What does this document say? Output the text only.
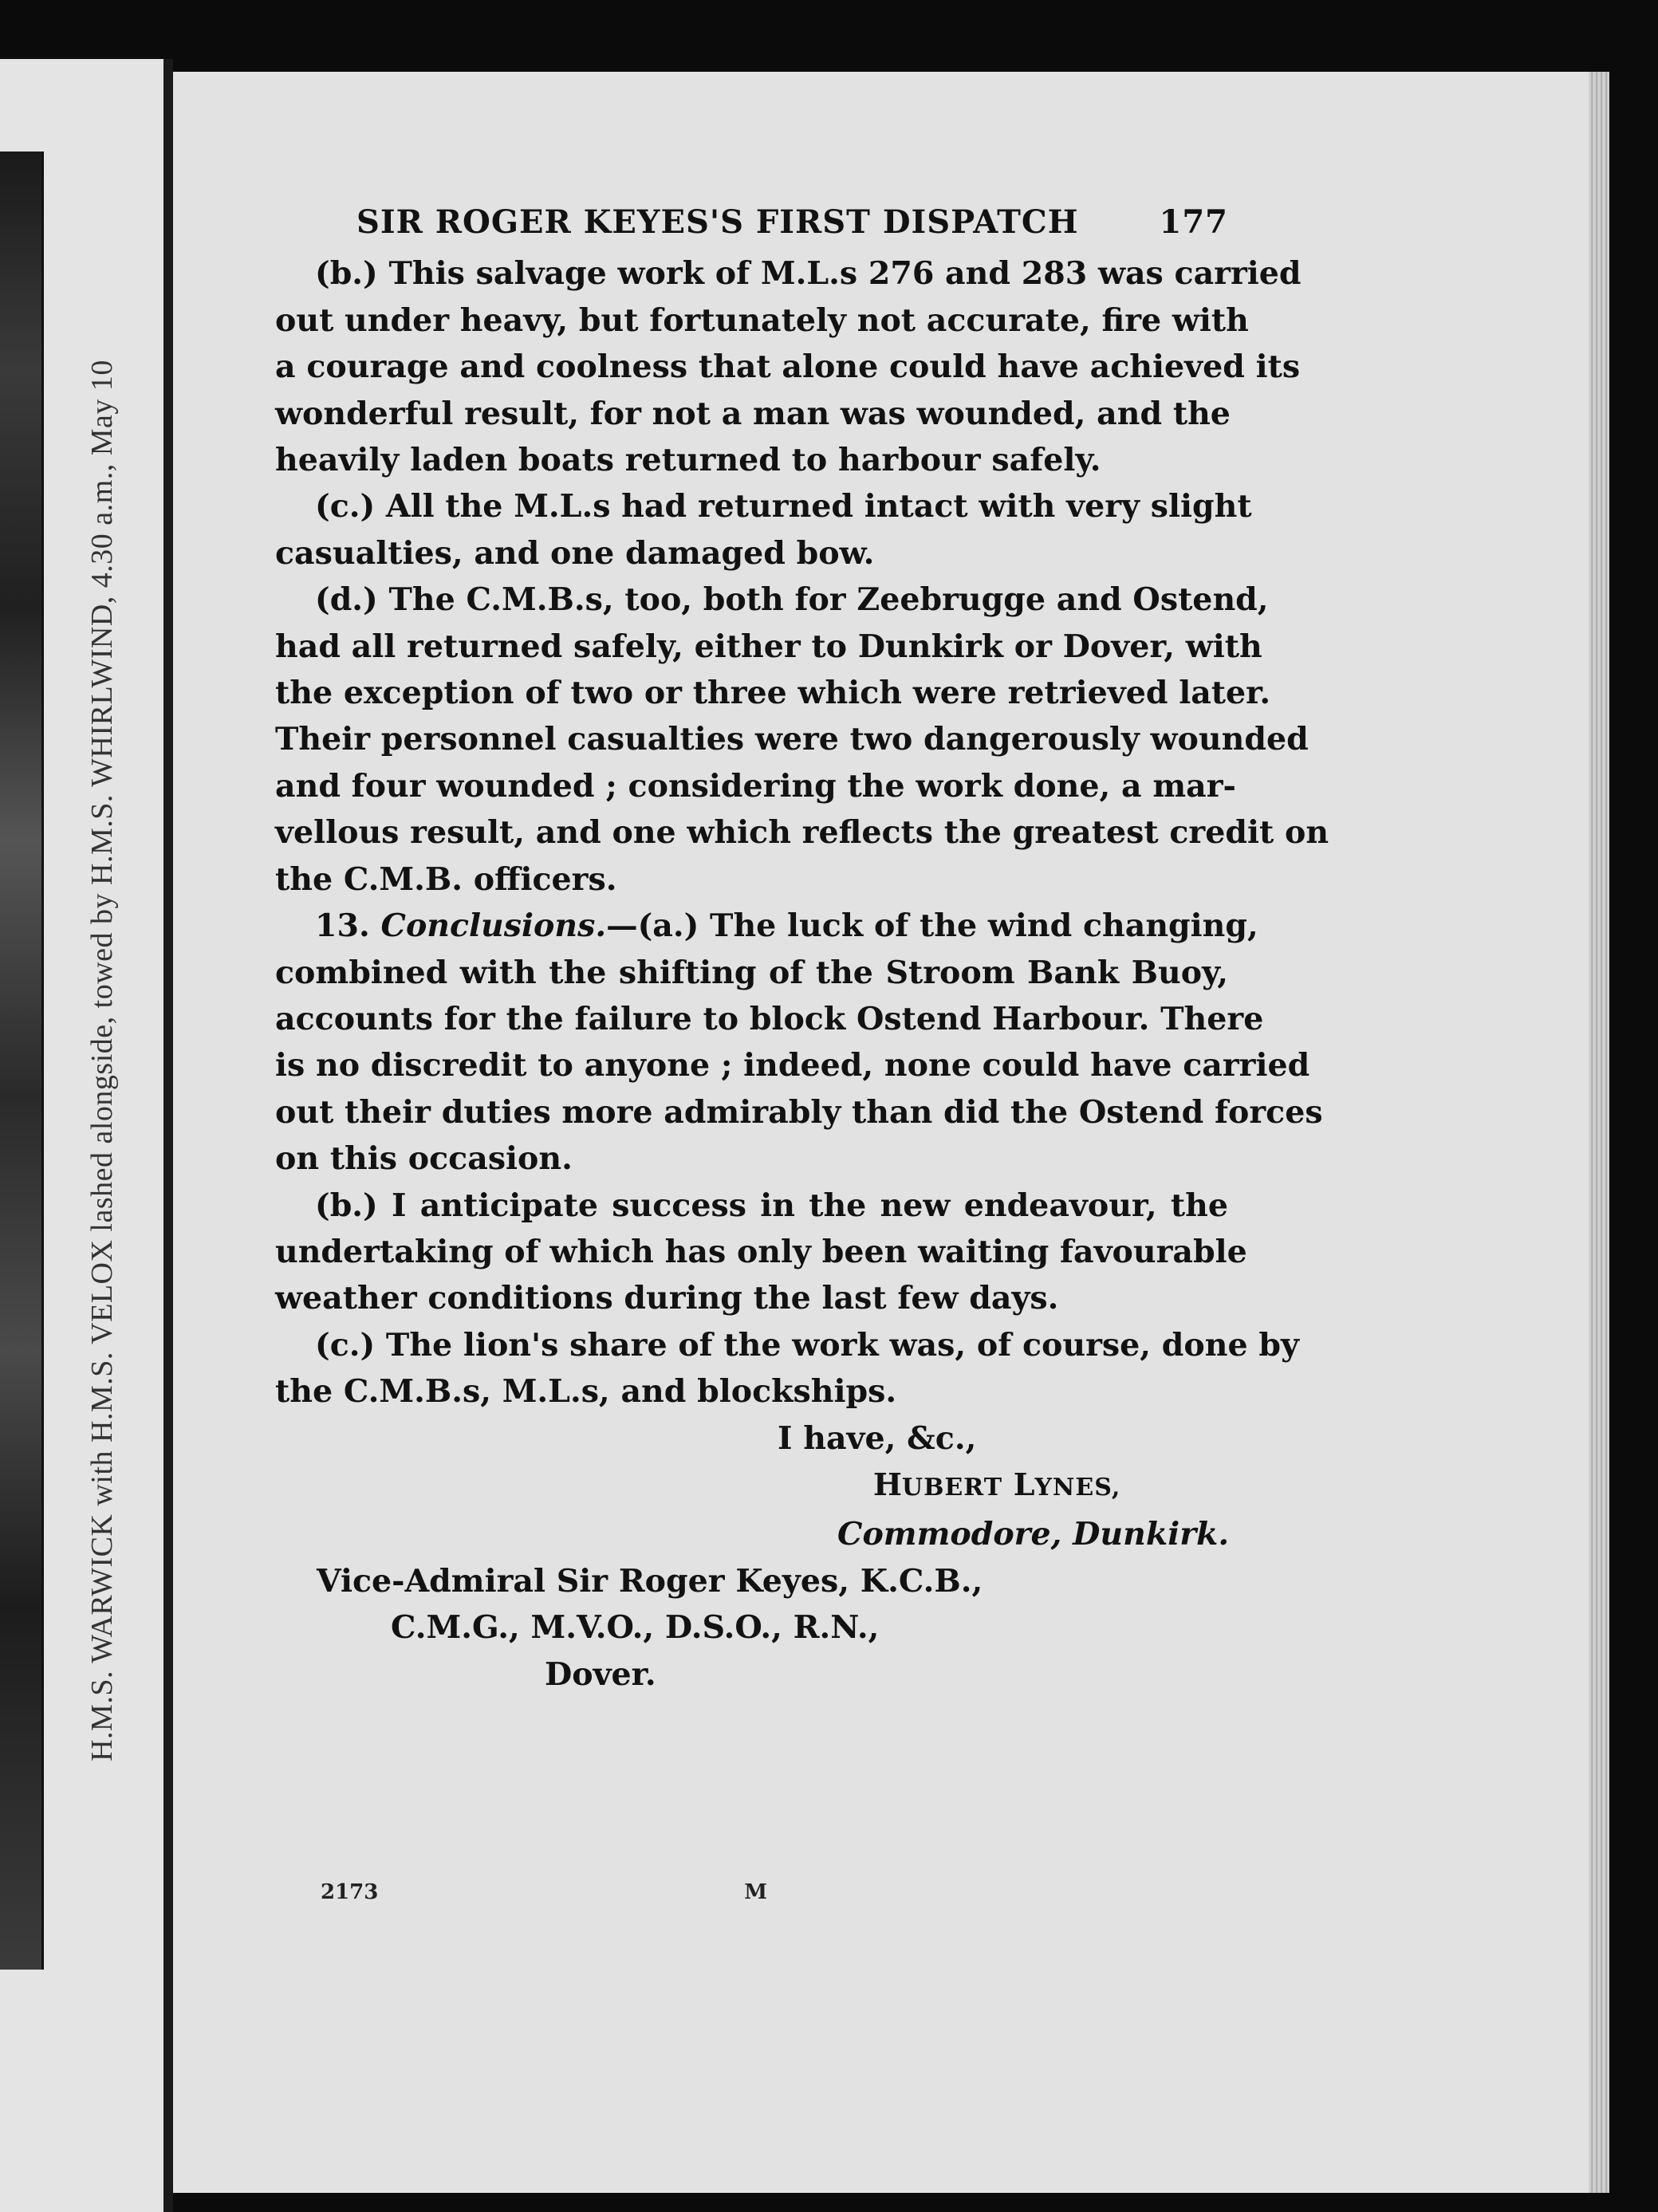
H.M.S. WARWICK with H.M.S. VELOX lashed alongside, towed by H.M.S. WHIRLWIND, 4.30 a.m., May 10
SIR ROGER KEYES'S FIRST DISPATCH	177
(b.) This salvage work of M.L.s 276 and 283 was carried
out under heavy, but fortunately not accurate, fire with
a courage and coolness that alone could have achieved its
wonderful result, for not a man was wounded, and the
heavily laden boats returned to harbour safely.
(c.) All the M.L.s had returned intact with very slight
casualties, and one damaged bow.
(d.) The C.M.B.s, too, both for Zeebrugge and Ostend,
had all returned safely, either to Dunkirk or Dover, with
the exception of two or three which were retrieved later.
Their personnel casualties were two dangerously wounded
and four wounded ; considering the work done, a mar-
vellous result, and one which reflects the greatest credit on
the C.M.B. officers.
13. Conclusions.—(a.) The luck of the wind changing,
combined with the shifting of the Stroom Bank Buoy,
accounts for the failure to block Ostend Harbour. There
is no discredit to anyone ; indeed, none could have carried
out their duties more admirably than did the Ostend forces
on this occasion.
(b.) I anticipate success in the new endeavour, the
undertaking of which has only been waiting favourable
weather conditions during the last few days.
(c.) The lion's share of the work was, of course, done by
the C.M.B.s, M.L.s, and blockships.
I have, &c.,
HUBERT LYNES,
Commodore, Dunkirk.
Vice-Admiral Sir Roger Keyes, K.C.B.,
C.M.G., M.V.O., D.S.O., R.N.,
Dover.
2173	M
